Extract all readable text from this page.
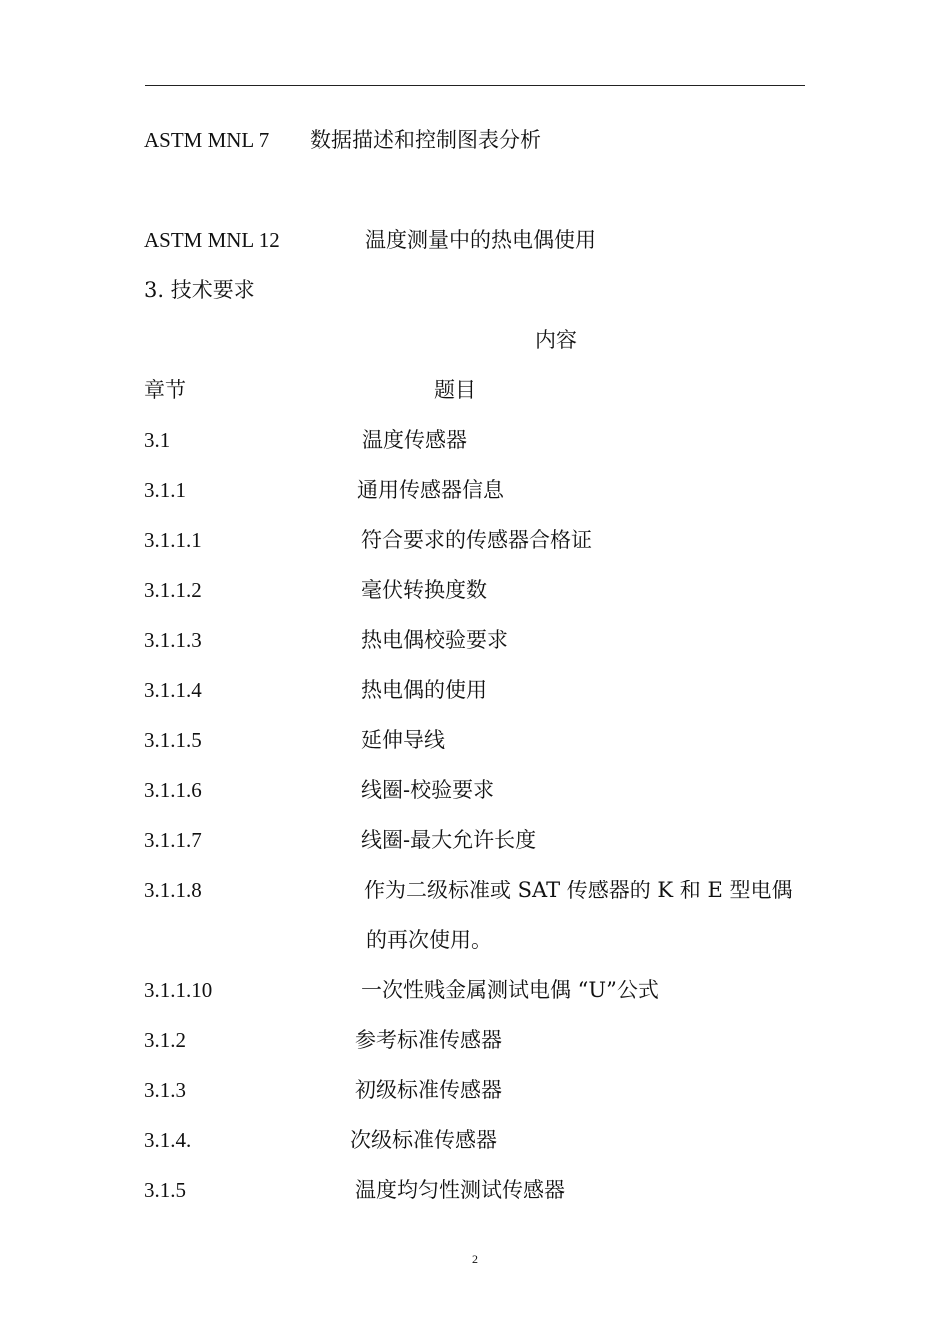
ASTM MNL 7 数据描述和控制图表分析
ASTM MNL 12	温度测量中的热电偶使用
3. 技术要求
内容
章节	题目
3.1	温度传感器
3.1.1	通用传感器信息
3.1.1.1	符合要求的传感器合格证
3.1.1.2	毫伏转换度数
3.1.1.3	热电偶校验要求
3.1.1.4	热电偶的使用
3.1.1.5	延伸导线
3.1.1.6	线圈-校验要求
3.1.1.7	线圈-最大允许长度
3.1.1.8	作为二级标准或 SAT 传感器的 K 和 E 型电偶
的再次使用。
3.1.1.10	一次性贱金属测试电偶 “U”公式
3.1.2	参考标准传感器
3.1.3	初级标准传感器
3.1.4.	次级标准传感器
3.1.5	温度均匀性测试传感器
2
